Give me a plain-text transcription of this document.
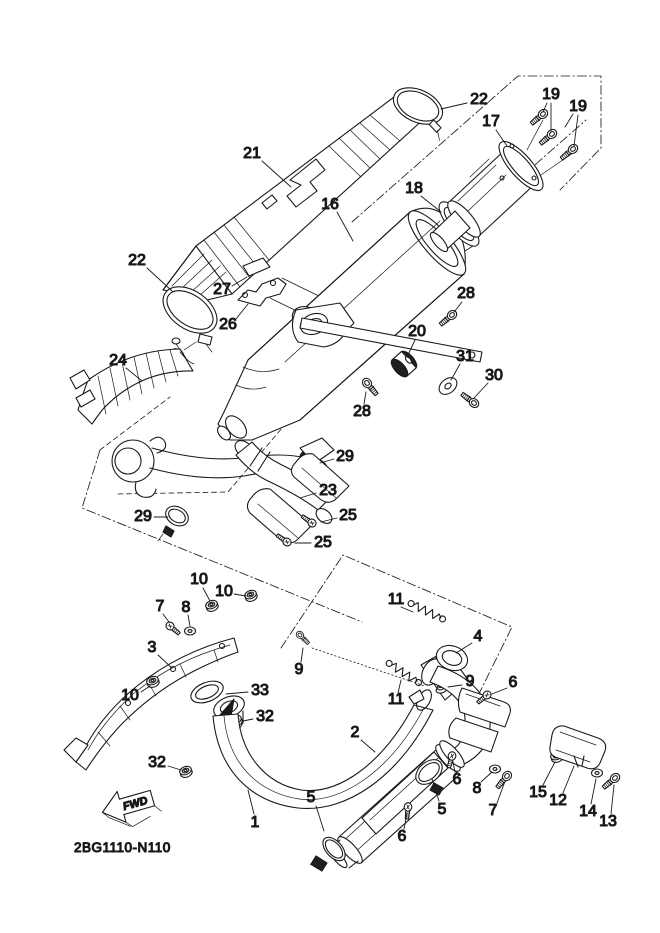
FWD
2BG1110-N110
21
16
22	19
19
17
18
22
27
26
28
20
31
30
28
24
29
23
25
25
29
10
10
7 8
3
10
9
33
32
32
1
5
11
11
4
9 6
2
6
8
5	7
6
15 12
14
13
